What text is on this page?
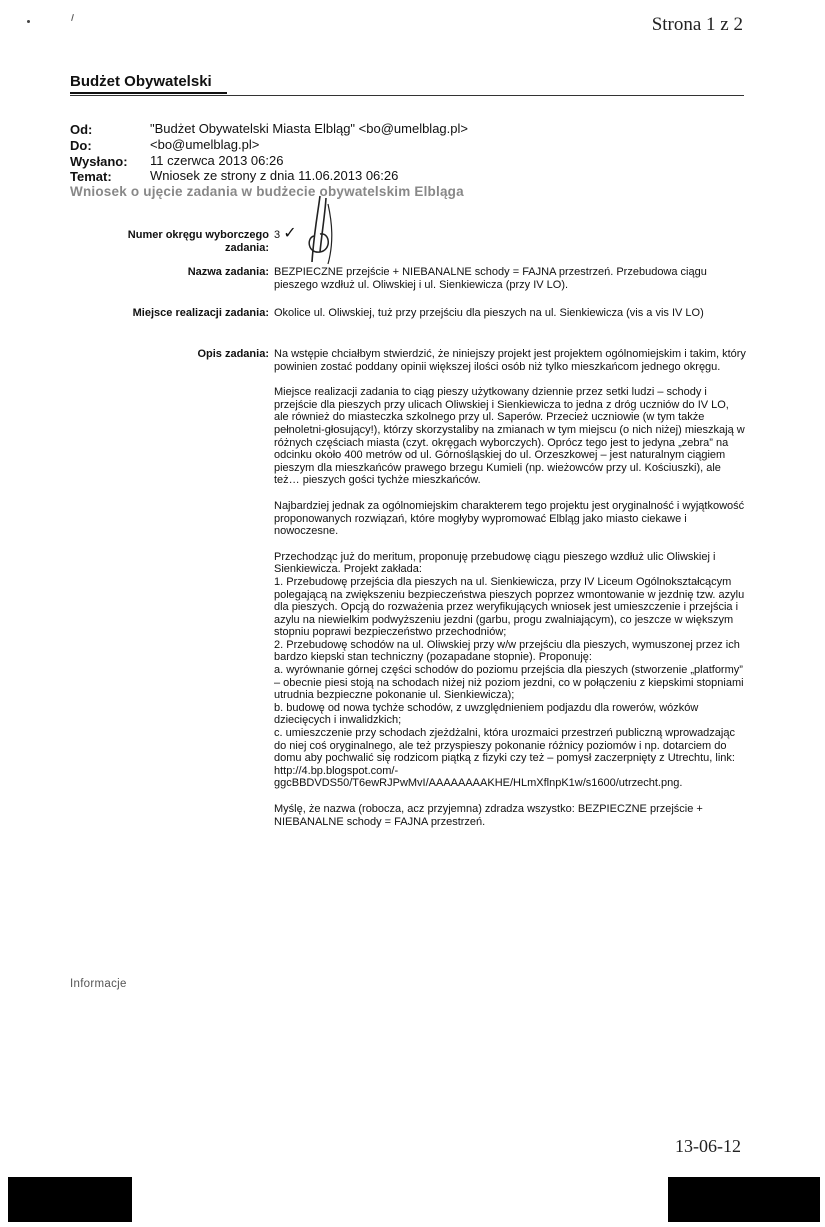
Strona 1 z 2
Budżet Obywatelski
Od:	"Budżet Obywatelski Miasta Elbląg" <bo@umelblag.pl>
Do:	<bo@umelblag.pl>
Wysłano: 11 czerwca 2013 06:26
Temat:	Wniosek ze strony z dnia 11.06.2013 06:26
Wniosek o ujęcie zadania w budżecie obywatelskim Elbląga
Numer okręgu wyborczego zadania:
3 ✓
Nazwa zadania: BEZPIECZNE przejście + NIEBANALNE schody = FAJNA przestrzeń. Przebudowa ciągu pieszego wzdłuż ul. Oliwskiej i ul. Sienkiewicza (przy IV LO).
Miejsce realizacji zadania: Okolice ul. Oliwskiej, tuż przy przejściu dla pieszych na ul. Sienkiewicza (vis a vis IV LO)
Opis zadania: Na wstępie chciałbym stwierdzić, że niniejszy projekt jest projektem ogólnomiejskim i takim, który powinien zostać poddany opinii większej ilości osób niż tylko mieszkańcom jednego okręgu.

Miejsce realizacji zadania to ciąg pieszy użytkowany dziennie przez setki ludzi – schody i przejście dla pieszych przy ulicach Oliwskiej i Sienkiewicza to jedna z dróg uczniów do IV LO, ale również do miasteczka szkolnego przy ul. Saperów. Przecież uczniowie (w tym także pełnoletni-głosujący!), którzy skorzystaliby na zmianach w tym miejscu (o nich niżej) mieszkają w różnych częściach miasta (czyt. okręgach wyborczych). Oprócz tego jest to jedyna „zebra” na odcinku około 400 metrów od ul. Górnośląskiej do ul. Orzeszkowej – jest naturalnym ciągiem pieszym dla mieszkańców prawego brzegu Kumieli (np. wieżowców przy ul. Kościuszki), ale też… pieszych gości tychże mieszkańców.

Najbardziej jednak za ogólnomiejskim charakterem tego projektu jest oryginalność i wyjątkowość proponowanych rozwiązań, które mogłyby wypromować Elbląg jako miasto ciekawe i nowoczesne.

Przechodząc już do meritum, proponuję przebudowę ciągu pieszego wzdłuż ulic Oliwskiej i Sienkiewicza. Projekt zakłada:
1. Przebudowę przejścia dla pieszych na ul. Sienkiewicza, przy IV Liceum Ogólnokształcącym polegającą na zwiększeniu bezpieczeństwa pieszych poprzez wmontowanie w jezdnię tzw. azylu dla pieszych. Opcją do rozważenia przez weryfikujących wniosek jest umieszczenie i przejścia i azylu na niewielkim podwyższeniu jezdni (garbu, progu zwalniającym), co jeszcze w większym stopniu poprawi bezpieczeństwo przechodniów;
2. Przebudowę schodów na ul. Oliwskiej przy w/w przejściu dla pieszych, wymuszonej przez ich bardzo kiepski stan techniczny (pozapadane stopnie). Proponuję:
a. wyrównanie górnej części schodów do poziomu przejścia dla pieszych (stworzenie „platformy” – obecnie piesi stoją na schodach niżej niż poziom jezdni, co w połączeniu z kiepskimi stopniami utrudnia bezpieczne pokonanie ul. Sienkiewicza);
b. budowę od nowa tychże schodów, z uwzględnieniem podjazdu dla rowerów, wózków dziecięcych i inwalidzkich;
c. umieszczenie przy schodach zjeżdżalni, która urozmaici przestrzeń publiczną wprowadzając do niej coś oryginalnego, ale też przyspieszy pokonanie różnicy poziomów i np. dotarciem do domu aby pochwalić się rodzicom piątką z fizyki czy też – pomysł zaczerpnięty z Utrechtu, link: http://4.bp.blogspot.com/-ggcBBDVDS50/T6ewRJPwMvI/AAAAAAAAKHE/HLmXflnpK1w/s1600/utrzecht.png.

Myślę, że nazwa (robocza, acz przyjemna) zdradza wszystko: BEZPIECZNE przejście + NIEBANALNE schody = FAJNA przestrzeń.

Informacje
13-06-12
